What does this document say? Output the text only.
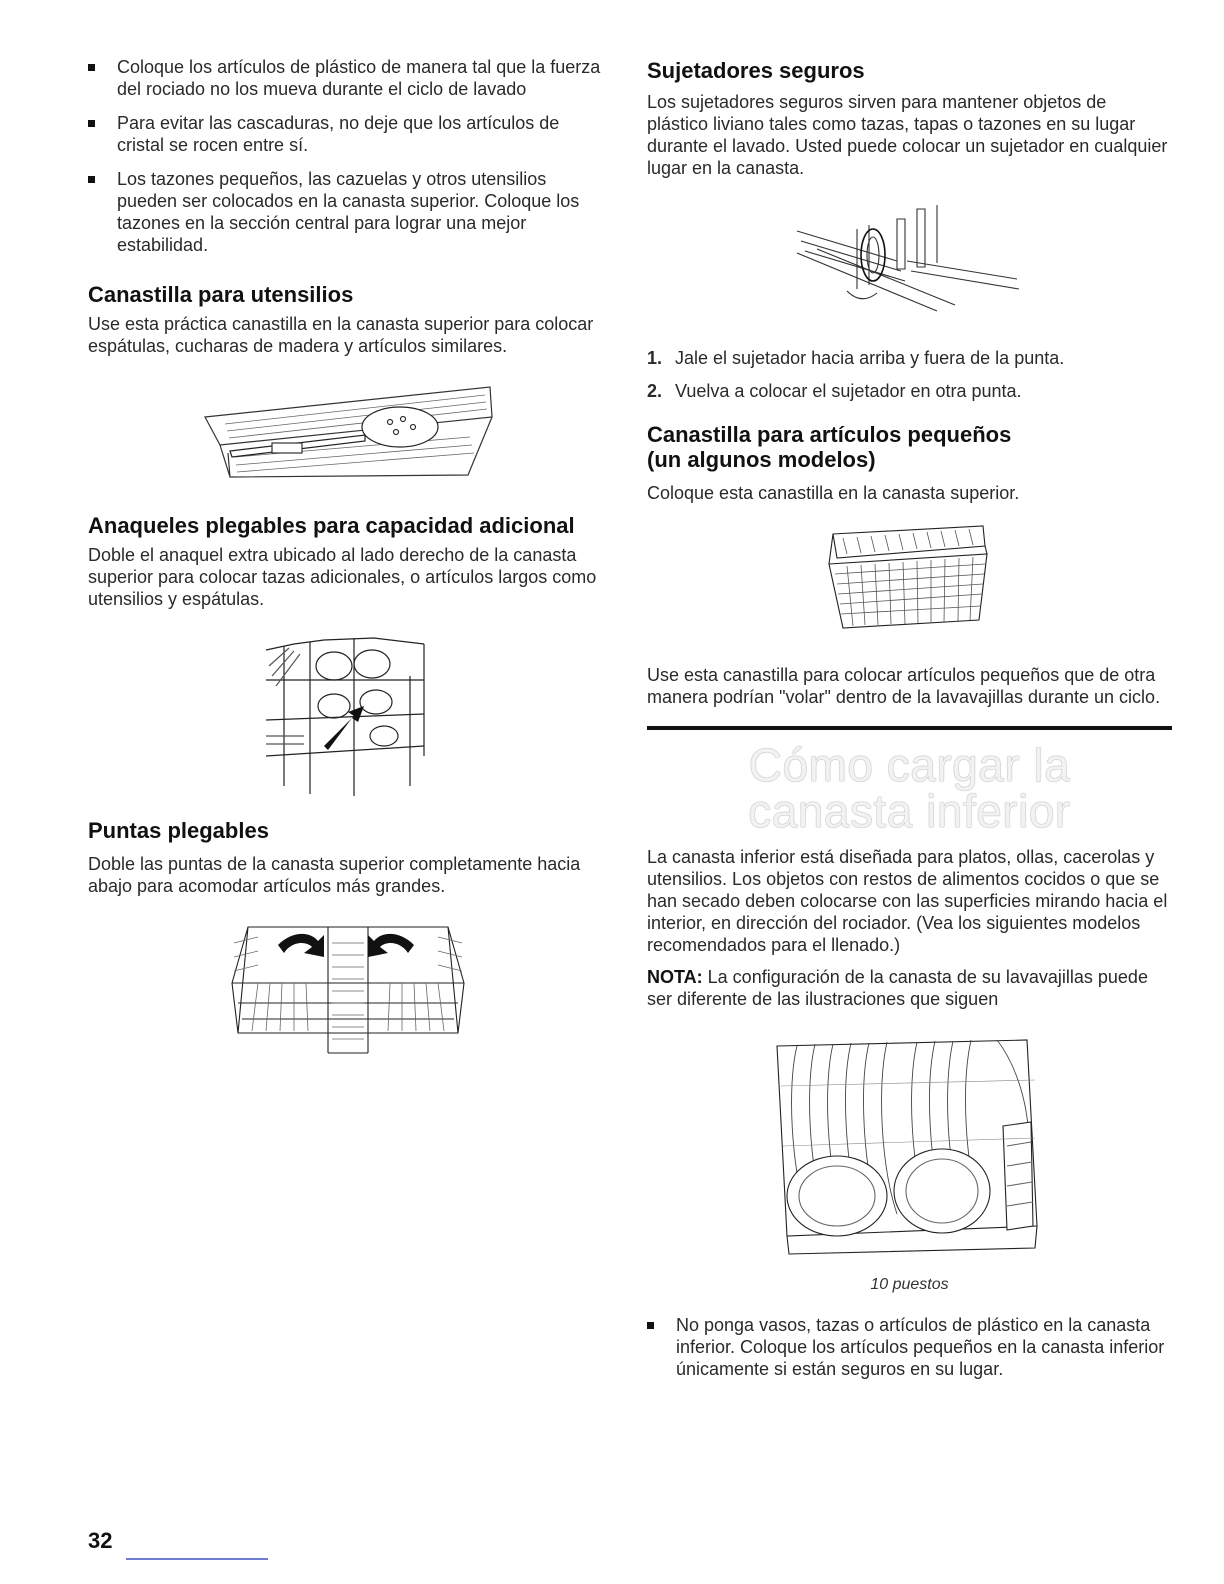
Coloque los artículos de plástico de manera tal que la fuerza del rociado no los mueva durante el ciclo de lavado
Para evitar las cascaduras, no deje que los artículos de cristal se rocen entre sí.
Los tazones pequeños, las cazuelas y otros utensilios pueden ser colocados en la canasta superior. Coloque los tazones en la sección central para lograr una mejor estabilidad.
Canastilla para utensilios

Use esta práctica canastilla en la canasta superior para colocar espátulas, cucharas de madera y artículos similares.

Anaqueles plegables para capacidad adicional

Doble el anaquel extra ubicado al lado derecho de la canasta superior para colocar tazas adicionales, o artículos largos como utensilios y espátulas.

Puntas plegables

Doble las puntas de la canasta superior completamente hacia abajo para acomodar artículos más grandes.

Sujetadores seguros

Los sujetadores seguros sirven para mantener objetos de plástico liviano tales como tazas, tapas o tazones en su lugar durante el lavado. Usted puede colocar un sujetador en cualquier lugar en la canasta.

1. Jale el sujetador hacia arriba y fuera de la punta.
2. Vuelva a colocar el sujetador en otra punta.
Canastilla para artículos pequeños
(un algunos modelos)

Coloque esta canastilla en la canasta superior.

Use esta canastilla para colocar artículos pequeños que de otra manera podrían "volar" dentro de la lavavajillas durante un ciclo.

Cómo cargar la
canasta inferior

La canasta inferior está diseñada para platos, ollas, cacerolas y utensilios. Los objetos con restos de alimentos cocidos o que se han secado deben colocarse con las superficies mirando hacia el interior, en dirección del rociador. (Vea los siguientes modelos recomendados para el llenado.)

NOTA: La configuración de la canasta de su lavavajillas puede ser diferente de las ilustraciones que siguen

10 puestos
No ponga vasos, tazas o artículos de plástico en la canasta inferior. Coloque los artículos pequeños en la canasta inferior únicamente si están seguros en su lugar.
32
